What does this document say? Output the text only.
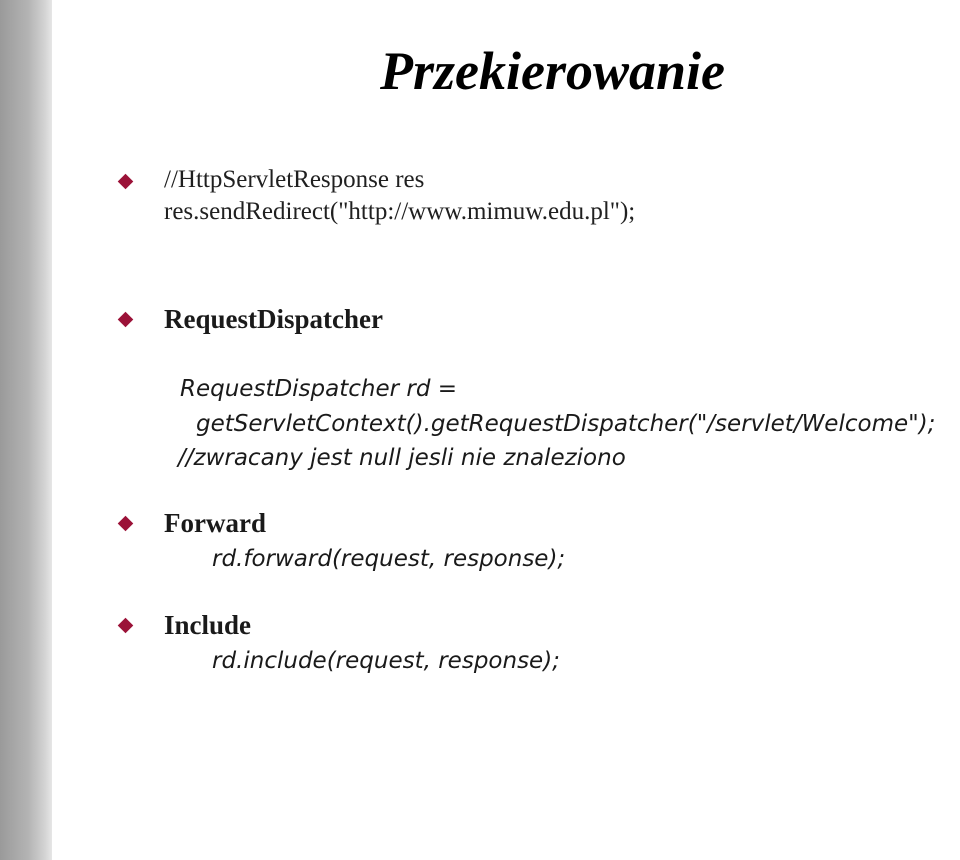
Przekierowanie
//HttpServletResponse res
res.sendRedirect("http://www.mimuw.edu.pl");
RequestDispatcher
RequestDispatcher rd =
getServletContext().getRequestDispatcher("/servlet/Welcome");
//zwracany jest null jesli nie znaleziono
Forward
rd.forward(request, response);
Include
rd.include(request, response);
